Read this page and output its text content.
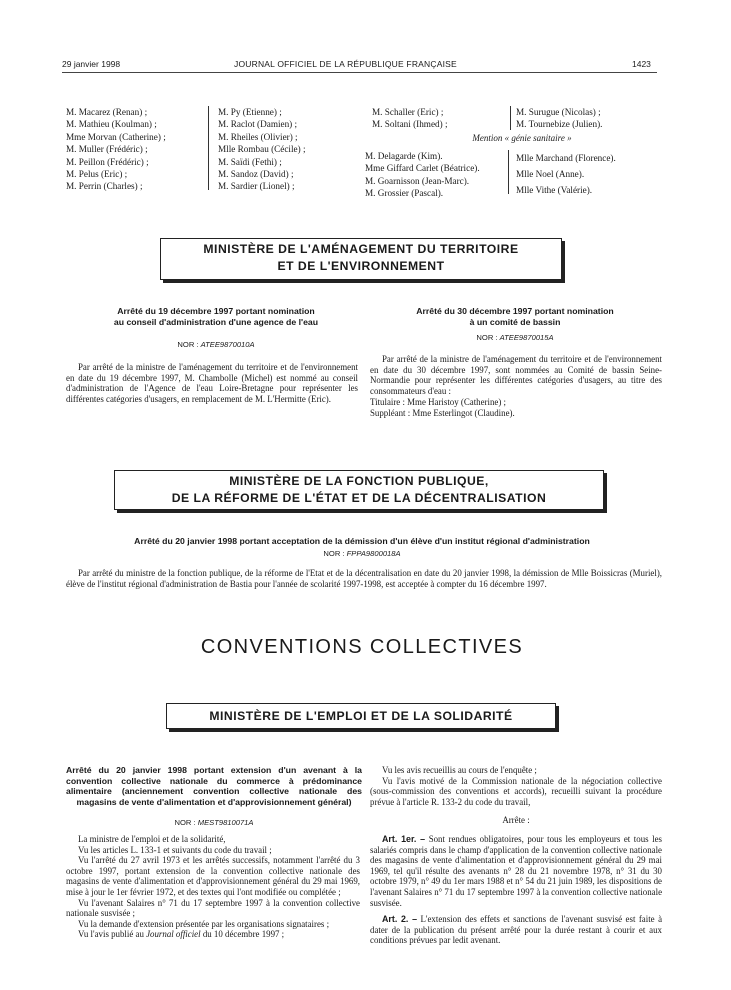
29 janvier 1998	JOURNAL OFFICIEL DE LA RÉPUBLIQUE FRANÇAISE	1423
M. Macarez (Renan) ;
M. Mathieu (Koulman) ;
Mme Morvan (Catherine) ;
M. Muller (Frédéric) ;
M. Peillon (Frédéric) ;
M. Pelus (Eric) ;
M. Perrin (Charles) ;
M. Py (Etienne) ;
M. Raclot (Damien) ;
M. Rheiles (Olivier) ;
Mlle Rombau (Cécile) ;
M. Saïdi (Fethi) ;
M. Sandoz (David) ;
M. Sardier (Lionel) ;
M. Schaller (Eric) ;
M. Soltani (Ihmed) ;
M. Surugue (Nicolas) ;
M. Tournebize (Julien).
Mention « génie sanitaire »
M. Delagarde (Kim).
Mme Giffard Carlet (Béatrice).
M. Goarnisson (Jean-Marc).
M. Grossier (Pascal).
Mlle Marchand (Florence).
Mlle Noel (Anne).
Mlle Vithe (Valérie).
MINISTÈRE DE L'AMÉNAGEMENT DU TERRITOIRE
ET DE L'ENVIRONNEMENT
Arrêté du 19 décembre 1997 portant nomination
au conseil d'administration d'une agence de l'eau
NOR : ATEE9870010A

Par arrêté de la ministre de l'aménagement du territoire et de l'environnement en date du 19 décembre 1997, M. Chambolle (Michel) est nommé au conseil d'administration de l'Agence de l'eau Loire-Bretagne pour représenter les différentes catégories d'usagers, en remplacement de M. L'Hermitte (Eric).

Arrêté du 30 décembre 1997 portant nomination
à un comité de bassin
NOR : ATEE9870015A

Par arrêté de la ministre de l'aménagement du territoire et de l'environnement en date du 30 décembre 1997, sont nommées au Comité de bassin Seine-Normandie pour représenter les différentes catégories d'usagers, au titre des consommateurs d'eau :

Titulaire : Mme Haristoy (Catherine) ;

Suppléant : Mme Esterlingot (Claudine).

MINISTÈRE DE LA FONCTION PUBLIQUE,
DE LA RÉFORME DE L'ÉTAT ET DE LA DÉCENTRALISATION
Arrêté du 20 janvier 1998 portant acceptation de la démission d'un élève d'un institut régional d'administration
NOR : FPPA9800018A

Par arrêté du ministre de la fonction publique, de la réforme de l'Etat et de la décentralisation en date du 20 janvier 1998, la démission de Mlle Boissicras (Muriel), élève de l'institut régional d'administration de Bastia pour l'année de scolarité 1997-1998, est acceptée à compter du 16 décembre 1997.

CONVENTIONS COLLECTIVES
MINISTÈRE DE L'EMPLOI ET DE LA SOLIDARITÉ
Arrêté du 20 janvier 1998 portant extension d'un avenant à la convention collective nationale du commerce à prédominance alimentaire (anciennement convention collective nationale des magasins de vente d'alimentation et d'approvisionnement général)
NOR : MEST9810071A

La ministre de l'emploi et de la solidarité,

Vu les articles L. 133-1 et suivants du code du travail ;

Vu l'arrêté du 27 avril 1973 et les arrêtés successifs, notamment l'arrêté du 3 octobre 1997, portant extension de la convention collective nationale des magasins de vente d'alimentation et d'approvisionnement général du 29 mai 1969, mise à jour le 1er février 1972, et des textes qui l'ont modifiée ou complétée ;

Vu l'avenant Salaires n° 71 du 17 septembre 1997 à la convention collective nationale susvisée ;

Vu la demande d'extension présentée par les organisations signataires ;

Vu l'avis publié au Journal officiel du 10 décembre 1997 ;

Vu les avis recueillis au cours de l'enquête ;

Vu l'avis motivé de la Commission nationale de la négociation collective (sous-commission des conventions et accords), recueilli suivant la procédure prévue à l'article R. 133-2 du code du travail,

Arrête :

Art. 1er. – Sont rendues obligatoires, pour tous les employeurs et tous les salariés compris dans le champ d'application de la convention collective nationale des magasins de vente d'alimentation et d'approvisionnement général du 29 mai 1969, tel qu'il résulte des avenants n° 28 du 21 novembre 1978, n° 31 du 30 octobre 1979, n° 49 du 1er mars 1988 et n° 54 du 21 juin 1989, les dispositions de l'avenant Salaires n° 71 du 17 septembre 1997 à la convention collective nationale susvisée.

Art. 2. – L'extension des effets et sanctions de l'avenant susvisé est faite à dater de la publication du présent arrêté pour la durée restant à courir et aux conditions prévues par ledit avenant.
